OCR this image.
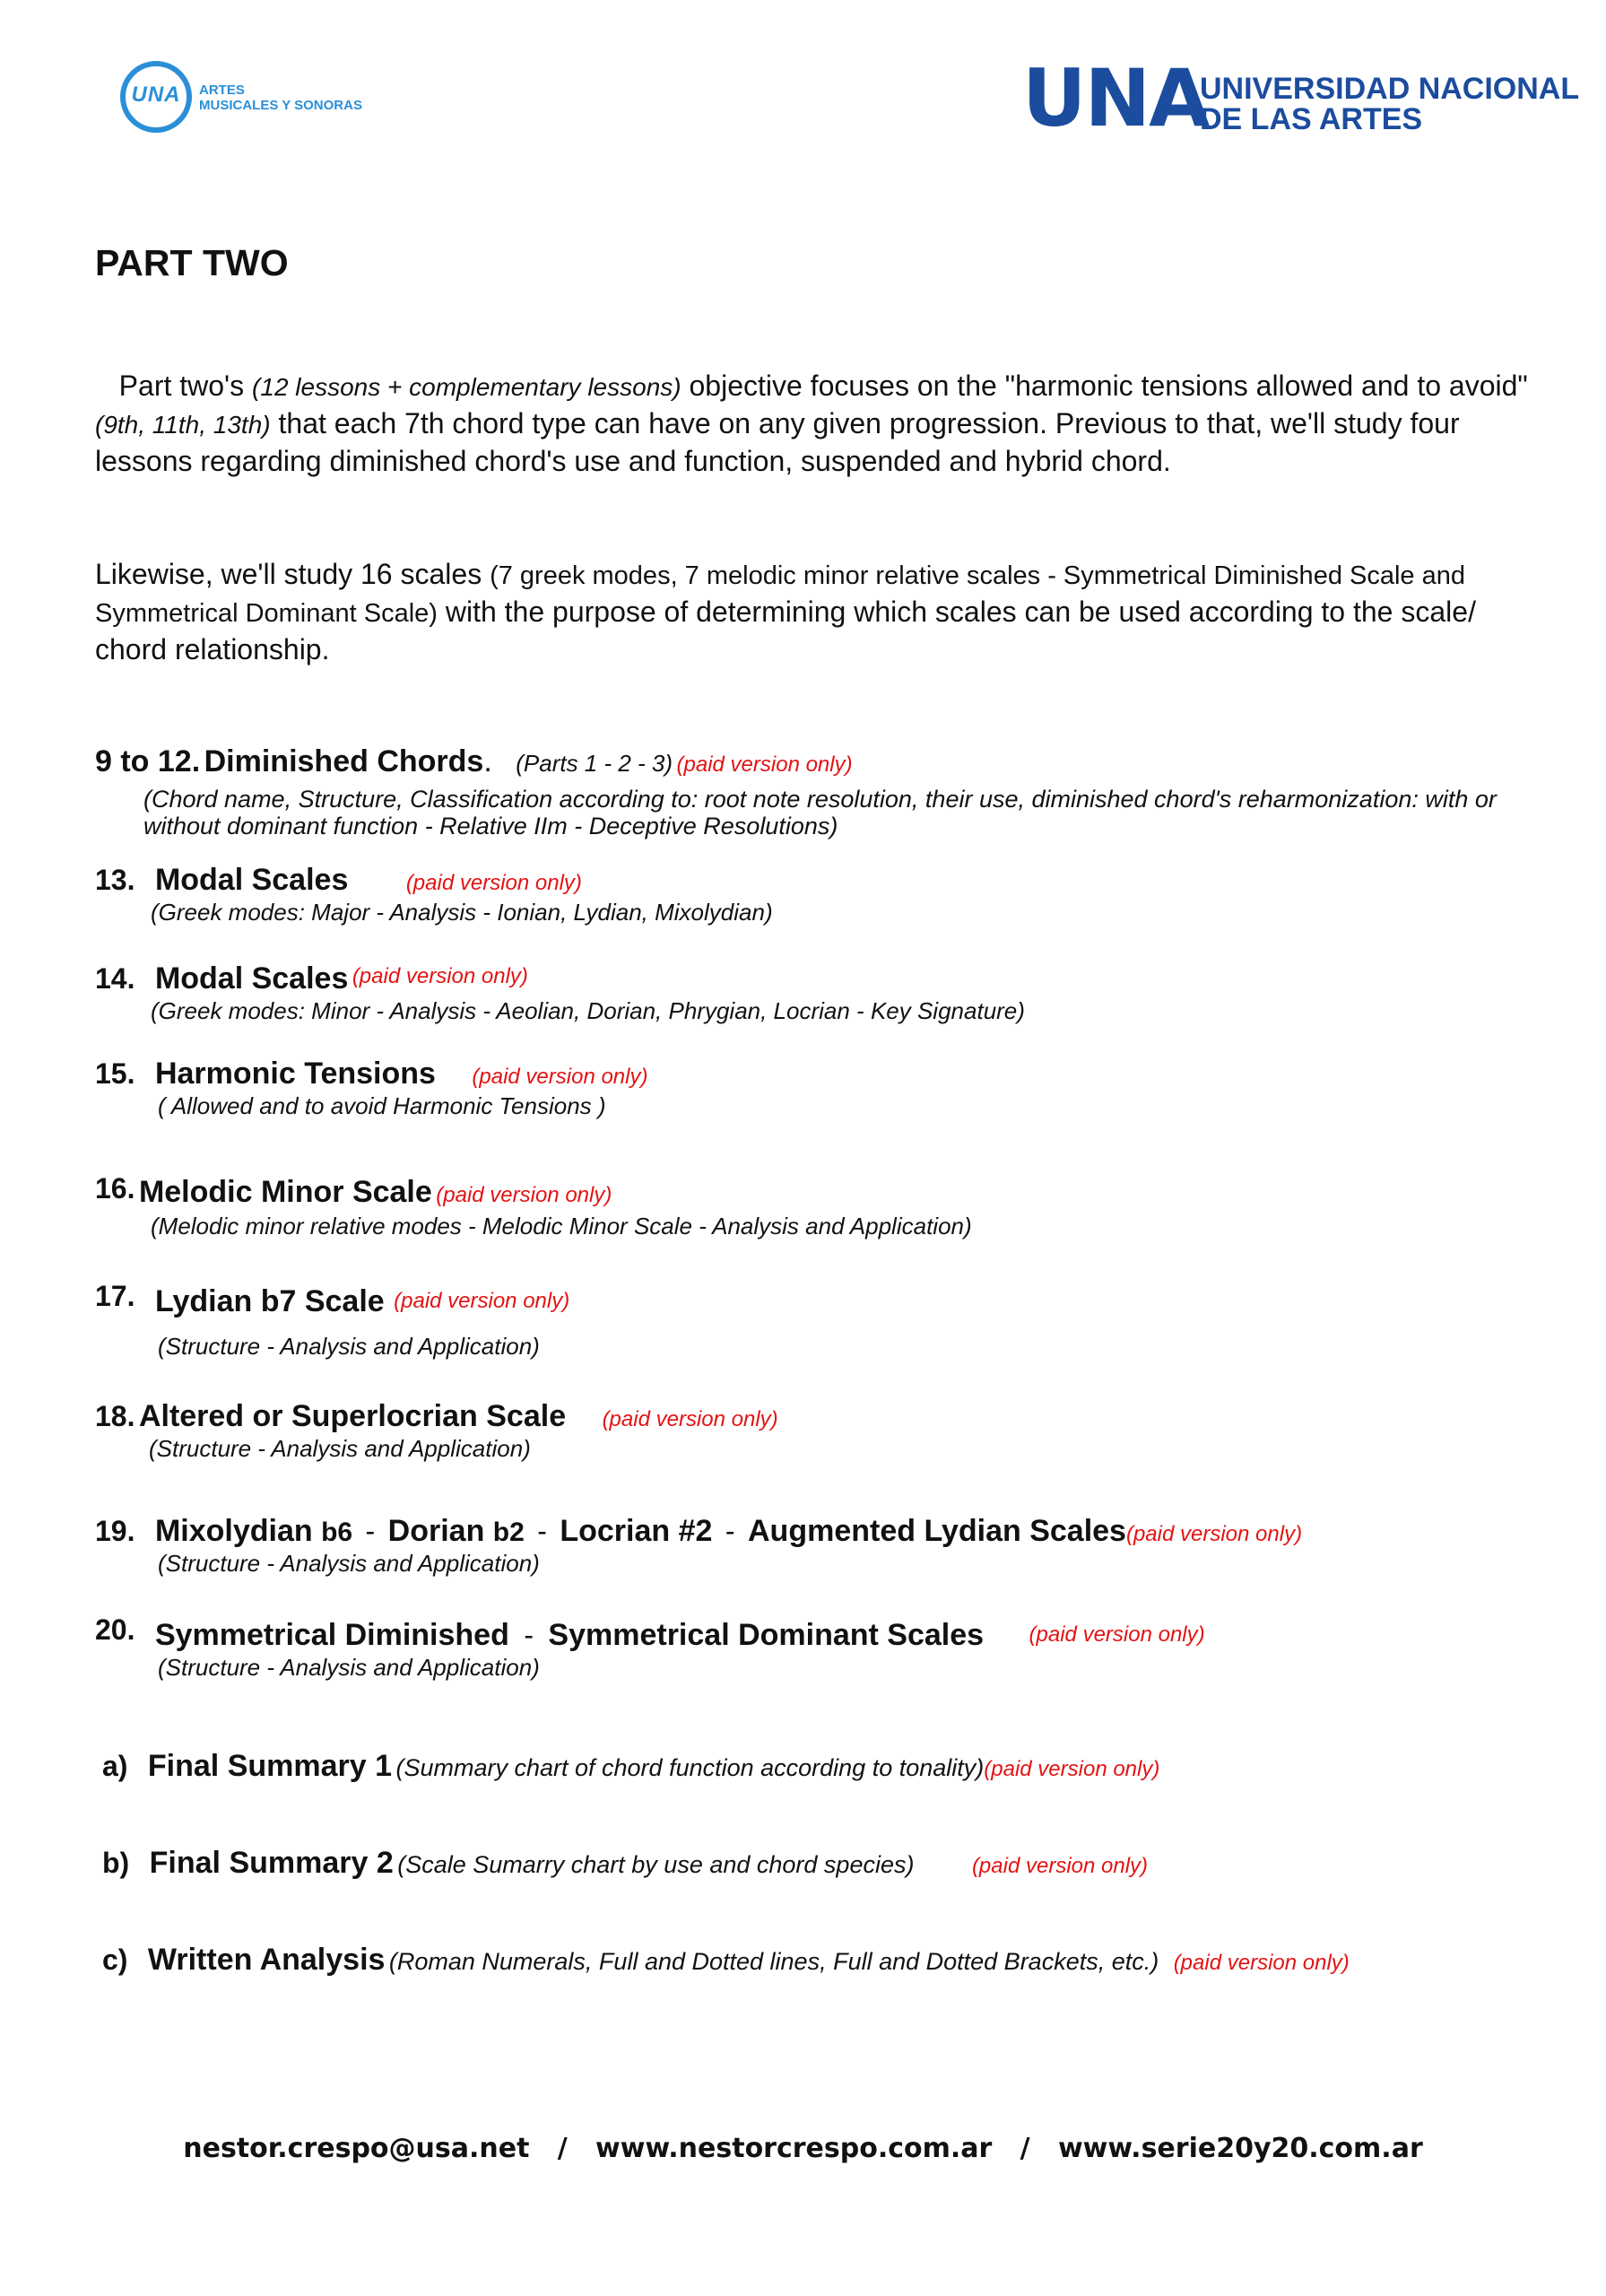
UNA	ARTES
MUSICALES Y SONORAS	UNA
UNIVERSIDAD NACIONAL
DE LAS ARTES
PART TWO
Part two's (12 lessons + complementary lessons) objective focuses on the "harmonic tensions allowed and to avoid" (9th, 11th, 13th) that each 7th chord type can have on any given progression. Previous to that, we'll study four lessons regarding diminished chord's use and function, suspended and hybrid chord.
Likewise, we'll study 16 scales (7 greek modes, 7 melodic minor relative scales - Symmetrical Diminished Scale and Symmetrical Dominant Scale) with the purpose of determining which scales can be used according to the scale/ chord relationship.
9 to 12. Diminished Chords. (Parts 1 - 2 - 3) (paid version only)
(Chord name, Structure, Classification according to: root note resolution, their use, diminished chord's reharmonization: with or
without dominant function - Relative IIm - Deceptive Resolutions)
13. Modal Scales	(paid version only)
(Greek modes: Major - Analysis - Ionian, Lydian, Mixolydian)
14. Modal Scales (paid version only)
(Greek modes: Minor - Analysis - Aeolian, Dorian, Phrygian, Locrian - Key Signature)
15. Harmonic Tensions (paid version only)
( Allowed and to avoid Harmonic Tensions )
16. Melodic Minor Scale (paid version only)
(Melodic minor relative modes - Melodic Minor Scale - Analysis and Application)
17. Lydian b7 Scale (paid version only)
(Structure - Analysis and Application)
18. Altered or Superlocrian Scale (paid version only)
(Structure - Analysis and Application)
19. Mixolydian b6 - Dorian b2 - Locrian #2 - Augmented Lydian Scales(paid version only)
(Structure - Analysis and Application)
20. Symmetrical Diminished - Symmetrical Dominant Scales (paid version only)
(Structure - Analysis and Application)
a) Final Summary 1 (Summary chart of chord function according to tonality)(paid version only)
b) Final Summary 2 (Scale Sumarry chart by use and chord species)	(paid version only)
c) Written Analysis (Roman Numerals, Full and Dotted lines, Full and Dotted Brackets, etc.) (paid version only)
nestor.crespo@usa.net   /   www.nestorcrespo.com.ar   /   www.serie20y20.com.ar
